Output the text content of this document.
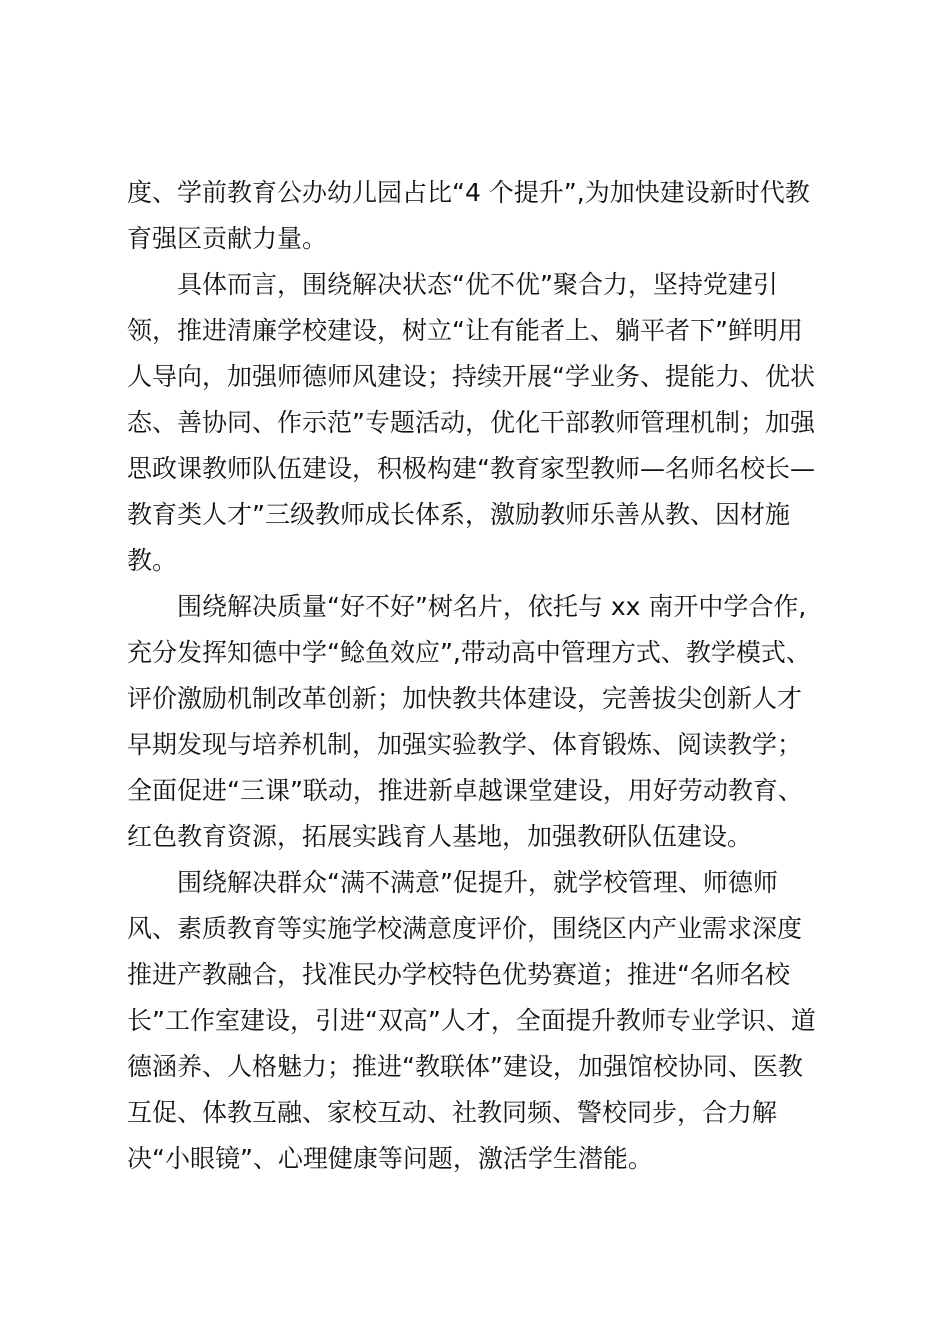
度、学前教育公办幼儿园占比“4 个提升”,为加快建设新时代教
育强区贡献力量。
具体而言，围绕解决状态“优不优”聚合力，坚持党建引
领，推进清廉学校建设，树立“让有能者上、躺平者下”鲜明用
人导向，加强师德师风建设；持续开展“学业务、提能力、优状
态、善协同、作示范”专题活动，优化干部教师管理机制；加强
思政课教师队伍建设，积极构建“教育家型教师—名师名校长—
教育类人才”三级教师成长体系，激励教师乐善从教、因材施
教。
围绕解决质量“好不好”树名片，依托与 xx 南开中学合作,
充分发挥知德中学“鲶鱼效应”,带动高中管理方式、教学模式、
评价激励机制改革创新；加快教共体建设，完善拔尖创新人才
早期发现与培养机制，加强实验教学、体育锻炼、阅读教学；
全面促进“三课”联动，推进新卓越课堂建设，用好劳动教育、
红色教育资源，拓展实践育人基地，加强教研队伍建设。
围绕解决群众“满不满意”促提升，就学校管理、师德师
风、素质教育等实施学校满意度评价，围绕区内产业需求深度
推进产教融合，找准民办学校特色优势赛道；推进“名师名校
长”工作室建设，引进“双高”人才，全面提升教师专业学识、道
德涵养、人格魅力；推进“教联体”建设，加强馆校协同、医教
互促、体教互融、家校互动、社教同频、警校同步，合力解
决“小眼镜”、心理健康等问题，激活学生潜能。
